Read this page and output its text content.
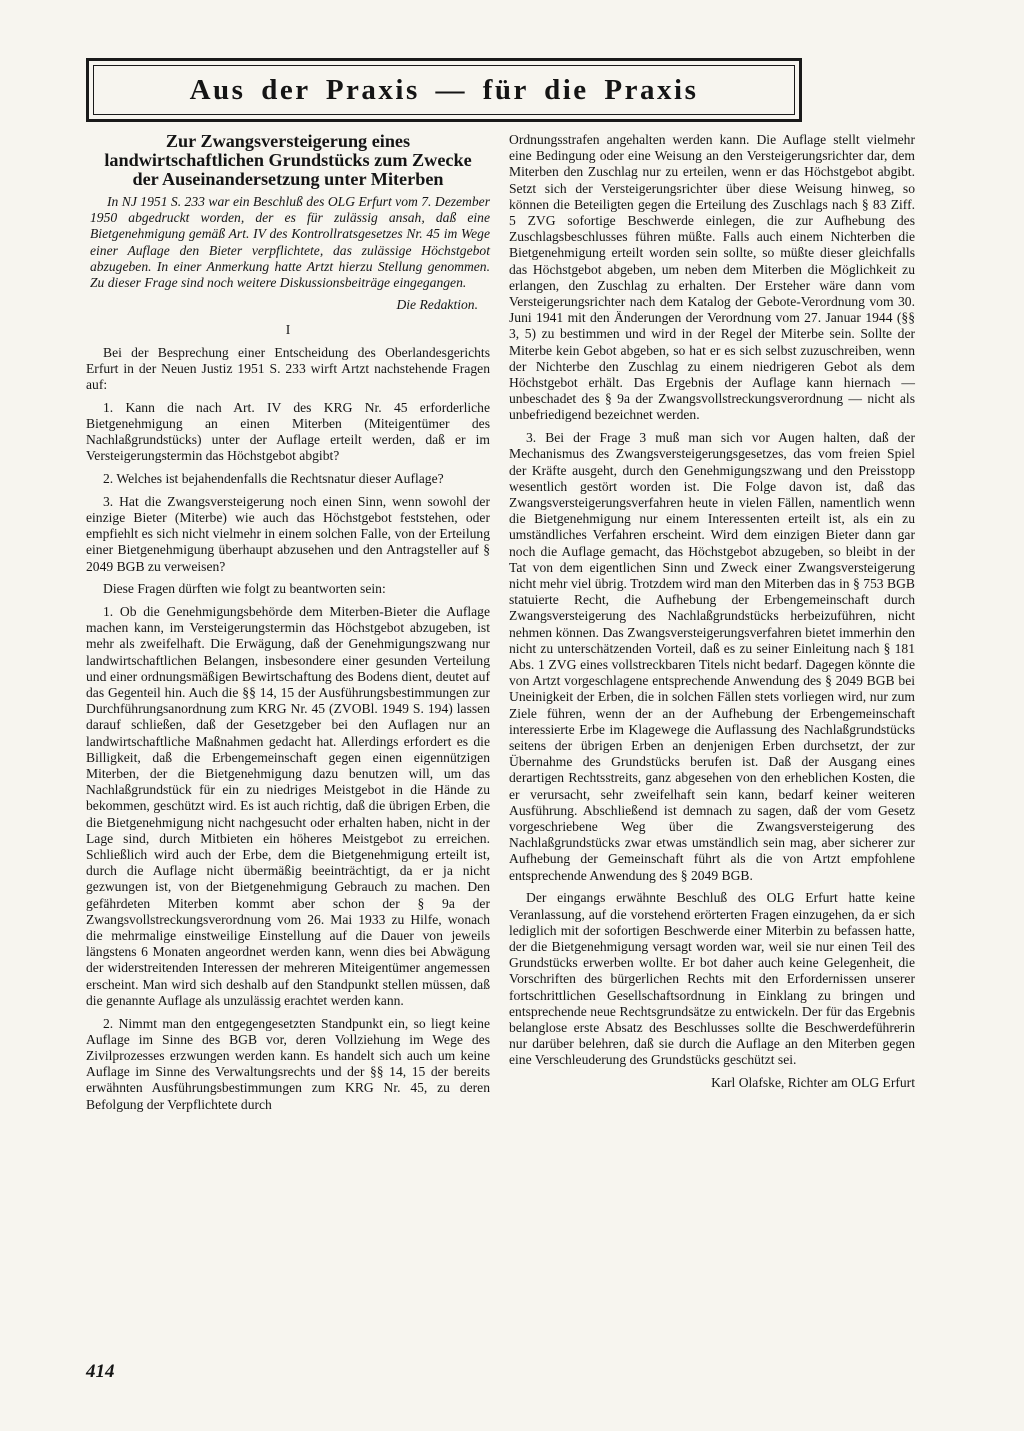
Aus der Praxis — für die Praxis
Zur Zwangsversteigerung eines landwirtschaftlichen Grundstücks zum Zwecke der Auseinandersetzung unter Miterben

In NJ 1951 S. 233 war ein Beschluß des OLG Erfurt vom 7. Dezember 1950 abgedruckt worden, der es für zulässig ansah, daß eine Bietgenehmigung gemäß Art. IV des Kontrollratsgesetzes Nr. 45 im Wege einer Auflage den Bieter verpflichtete, das zulässige Höchstgebot abzugeben. In einer Anmerkung hatte Artzt hierzu Stellung genommen. Zu dieser Frage sind noch weitere Diskussionsbeiträge eingegangen.

Die Redaktion.
I

Bei der Besprechung einer Entscheidung des Oberlandesgerichts Erfurt in der Neuen Justiz 1951 S. 233 wirft Artzt nachstehende Fragen auf:

1. Kann die nach Art. IV des KRG Nr. 45 erforderliche Bietgenehmigung an einen Miterben (Miteigentümer des Nachlaßgrundstücks) unter der Auflage erteilt werden, daß er im Versteigerungstermin das Höchstgebot abgibt?

2. Welches ist bejahendenfalls die Rechtsnatur dieser Auflage?

3. Hat die Zwangsversteigerung noch einen Sinn, wenn sowohl der einzige Bieter (Miterbe) wie auch das Höchstgebot feststehen, oder empfiehlt es sich nicht vielmehr in einem solchen Falle, von der Erteilung einer Bietgenehmigung überhaupt abzusehen und den Antragsteller auf § 2049 BGB zu verweisen?

Diese Fragen dürften wie folgt zu beantworten sein:

1. Ob die Genehmigungsbehörde dem Miterben-Bieter die Auflage machen kann, im Versteigerungstermin das Höchstgebot abzugeben, ist mehr als zweifelhaft. Die Erwägung, daß der Genehmigungszwang nur landwirtschaftlichen Belangen, insbesondere einer gesunden Verteilung und einer ordnungsmäßigen Bewirtschaftung des Bodens dient, deutet auf das Gegenteil hin. Auch die §§ 14, 15 der Ausführungsbestimmungen zur Durchführungsanordnung zum KRG Nr. 45 (ZVOBl. 1949 S. 194) lassen darauf schließen, daß der Gesetzgeber bei den Auflagen nur an landwirtschaftliche Maßnahmen gedacht hat. Allerdings erfordert es die Billigkeit, daß die Erbengemeinschaft gegen einen eigennützigen Miterben, der die Bietgenehmigung dazu benutzen will, um das Nachlaßgrundstück für ein zu niedriges Meistgebot in die Hände zu bekommen, geschützt wird. Es ist auch richtig, daß die übrigen Erben, die die Bietgenehmigung nicht nachgesucht oder erhalten haben, nicht in der Lage sind, durch Mitbieten ein höheres Meistgebot zu erreichen. Schließlich wird auch der Erbe, dem die Bietgenehmigung erteilt ist, durch die Auflage nicht übermäßig beeinträchtigt, da er ja nicht gezwungen ist, von der Bietgenehmigung Gebrauch zu machen. Den gefährdeten Miterben kommt aber schon der § 9a der Zwangsvollstreckungsverordnung vom 26. Mai 1933 zu Hilfe, wonach die mehrmalige einstweilige Einstellung auf die Dauer von jeweils längstens 6 Monaten angeordnet werden kann, wenn dies bei Abwägung der widerstreitenden Interessen der mehreren Miteigentümer angemessen erscheint. Man wird sich deshalb auf den Standpunkt stellen müssen, daß die genannte Auflage als unzulässig erachtet werden kann.

2. Nimmt man den entgegengesetzten Standpunkt ein, so liegt keine Auflage im Sinne des BGB vor, deren Vollziehung im Wege des Zivilprozesses erzwungen werden kann. Es handelt sich auch um keine Auflage im Sinne des Verwaltungsrechts und der §§ 14, 15 der bereits erwähnten Ausführungsbestimmungen zum KRG Nr. 45, zu deren Befolgung der Verpflichtete durch

Ordnungsstrafen angehalten werden kann. Die Auflage stellt vielmehr eine Bedingung oder eine Weisung an den Versteigerungsrichter dar, dem Miterben den Zuschlag nur zu erteilen, wenn er das Höchstgebot abgibt. Setzt sich der Versteigerungsrichter über diese Weisung hinweg, so können die Beteiligten gegen die Erteilung des Zuschlags nach § 83 Ziff. 5 ZVG sofortige Beschwerde einlegen, die zur Aufhebung des Zuschlagsbeschlusses führen müßte. Falls auch einem Nichterben die Bietgenehmigung erteilt worden sein sollte, so müßte dieser gleichfalls das Höchstgebot abgeben, um neben dem Miterben die Möglichkeit zu erlangen, den Zuschlag zu erhalten. Der Ersteher wäre dann vom Versteigerungsrichter nach dem Katalog der Gebote-Verordnung vom 30. Juni 1941 mit den Änderungen der Verordnung vom 27. Januar 1944 (§§ 3, 5) zu bestimmen und wird in der Regel der Miterbe sein. Sollte der Miterbe kein Gebot abgeben, so hat er es sich selbst zuzuschreiben, wenn der Nichterbe den Zuschlag zu einem niedrigeren Gebot als dem Höchstgebot erhält. Das Ergebnis der Auflage kann hiernach — unbeschadet des § 9a der Zwangsvollstreckungsverordnung — nicht als unbefriedigend bezeichnet werden.

3. Bei der Frage 3 muß man sich vor Augen halten, daß der Mechanismus des Zwangsversteigerungsgesetzes, das vom freien Spiel der Kräfte ausgeht, durch den Genehmigungszwang und den Preisstopp wesentlich gestört worden ist. Die Folge davon ist, daß das Zwangsversteigerungsverfahren heute in vielen Fällen, namentlich wenn die Bietgenehmigung nur einem Interessenten erteilt ist, als ein zu umständliches Verfahren erscheint. Wird dem einzigen Bieter dann gar noch die Auflage gemacht, das Höchstgebot abzugeben, so bleibt in der Tat von dem eigentlichen Sinn und Zweck einer Zwangsversteigerung nicht mehr viel übrig. Trotzdem wird man den Miterben das in § 753 BGB statuierte Recht, die Aufhebung der Erbengemeinschaft durch Zwangsversteigerung des Nachlaßgrundstücks herbeizuführen, nicht nehmen können. Das Zwangsversteigerungsverfahren bietet immerhin den nicht zu unterschätzenden Vorteil, daß es zu seiner Einleitung nach § 181 Abs. 1 ZVG eines vollstreckbaren Titels nicht bedarf. Dagegen könnte die von Artzt vorgeschlagene entsprechende Anwendung des § 2049 BGB bei Uneinigkeit der Erben, die in solchen Fällen stets vorliegen wird, nur zum Ziele führen, wenn der an der Aufhebung der Erbengemeinschaft interessierte Erbe im Klagewege die Auflassung des Nachlaßgrundstücks seitens der übrigen Erben an denjenigen Erben durchsetzt, der zur Übernahme des Grundstücks berufen ist. Daß der Ausgang eines derartigen Rechtsstreits, ganz abgesehen von den erheblichen Kosten, die er verursacht, sehr zweifelhaft sein kann, bedarf keiner weiteren Ausführung. Abschließend ist demnach zu sagen, daß der vom Gesetz vorgeschriebene Weg über die Zwangsversteigerung des Nachlaßgrundstücks zwar etwas umständlich sein mag, aber sicherer zur Aufhebung der Gemeinschaft führt als die von Artzt empfohlene entsprechende Anwendung des § 2049 BGB.

Der eingangs erwähnte Beschluß des OLG Erfurt hatte keine Veranlassung, auf die vorstehend erörterten Fragen einzugehen, da er sich lediglich mit der sofortigen Beschwerde einer Miterbin zu befassen hatte, der die Bietgenehmigung versagt worden war, weil sie nur einen Teil des Grundstücks erwerben wollte. Er bot daher auch keine Gelegenheit, die Vorschriften des bürgerlichen Rechts mit den Erfordernissen unserer fortschrittlichen Gesellschaftsordnung in Einklang zu bringen und entsprechende neue Rechtsgrundsätze zu entwickeln. Der für das Ergebnis belanglose erste Absatz des Beschlusses sollte die Beschwerdeführerin nur darüber belehren, daß sie durch die Auflage an den Miterben gegen eine Verschleuderung des Grundstücks geschützt sei.

Karl Olafske, Richter am OLG Erfurt
414
